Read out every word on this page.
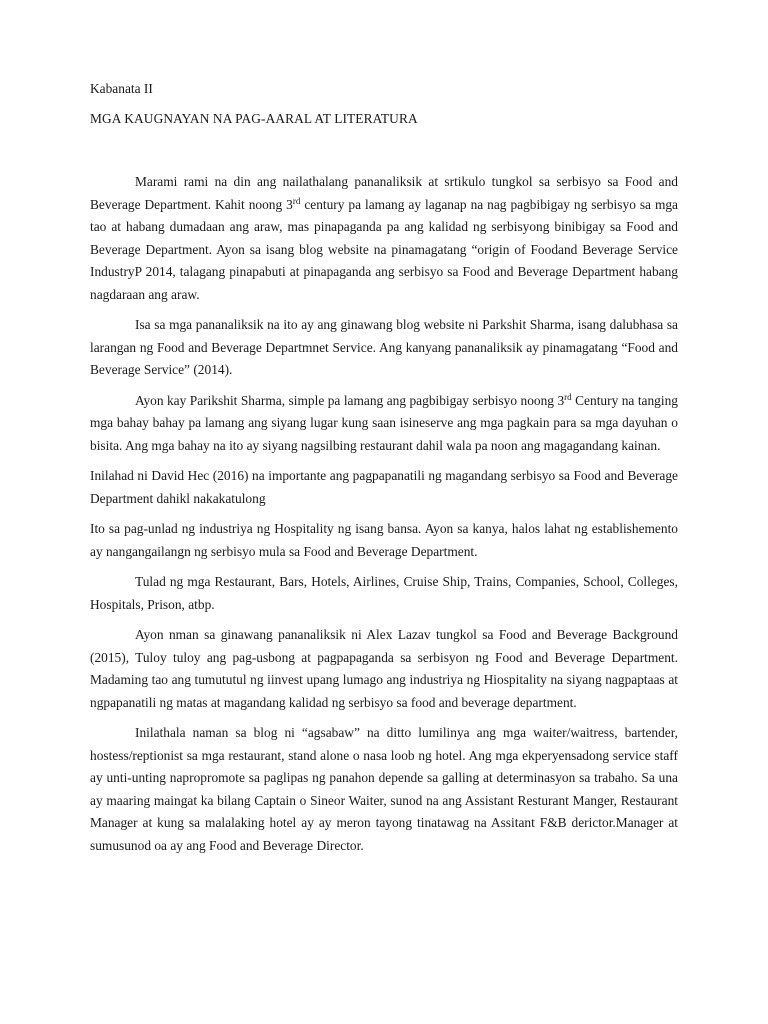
Kabanata II

MGA KAUGNAYAN NA PAG-AARAL AT LITERATURA

Marami rami na din ang nailathalang pananaliksik at srtikulo tungkol sa serbisyo sa Food and Beverage Department. Kahit noong 3rd century pa lamang ay laganap na nag pagbibigay ng serbisyo sa mga tao at habang dumadaan ang araw, mas pinapaganda pa ang kalidad ng serbisyong binibigay sa Food and Beverage Department. Ayon sa isang blog website na pinamagatang “origin of Foodand Beverage Service IndustryP 2014, talagang pinapabuti at pinapaganda ang serbisyo sa Food and Beverage Department habang nagdaraan ang araw.

Isa sa mga pananaliksik na ito ay ang ginawang blog website ni Parkshit Sharma, isang dalubhasa sa larangan ng Food and Beverage Departmnet Service. Ang kanyang pananaliksik ay pinamagatang “Food and Beverage Service” (2014).

Ayon kay Parikshit Sharma, simple pa lamang ang pagbibigay serbisyo noong 3rd Century na tanging mga bahay bahay pa lamang ang siyang lugar kung saan isineserve ang mga pagkain para sa mga dayuhan o bisita. Ang mga bahay na ito ay siyang nagsilbing restaurant dahil wala pa noon ang magagandang kainan.

Inilahad ni David Hec (2016) na importante ang pagpapanatili ng magandang serbisyo sa Food and Beverage Department dahikl nakakatulong

Ito sa pag-unlad ng industriya ng Hospitality ng isang bansa. Ayon sa kanya, halos lahat ng establishemento ay nangangailangn ng serbisyo mula sa Food and Beverage Department.

Tulad ng mga Restaurant, Bars, Hotels, Airlines, Cruise Ship, Trains, Companies, School, Colleges, Hospitals, Prison, atbp.

Ayon nman sa ginawang pananaliksik ni Alex Lazav tungkol sa Food and Beverage Background (2015), Tuloy tuloy ang pag-usbong at pagpapaganda sa serbisyon ng Food and Beverage Department. Madaming tao ang tumututul ng iinvest upang lumago ang industriya ng Hiospitality na siyang nagpaptaas at ngpapanatili ng matas at magandang kalidad ng serbisyo sa food and beverage department.

Inilathala naman sa blog ni “agsabaw” na ditto lumilinya ang mga waiter/waitress, bartender, hostess/reptionist sa mga restaurant, stand alone o nasa loob ng hotel. Ang mga ekperyensadong service staff ay unti-unting napropromote sa paglipas ng panahon depende sa galling at determinasyon sa trabaho. Sa una ay maaring maingat ka bilang Captain o Sineor Waiter, sunod na ang Assistant Resturant Manger, Restaurant Manager at kung sa malalaking hotel ay ay meron tayong tinatawag na Assitant F&B derictor.Manager at sumusunod oa ay ang Food and Beverage Director.
